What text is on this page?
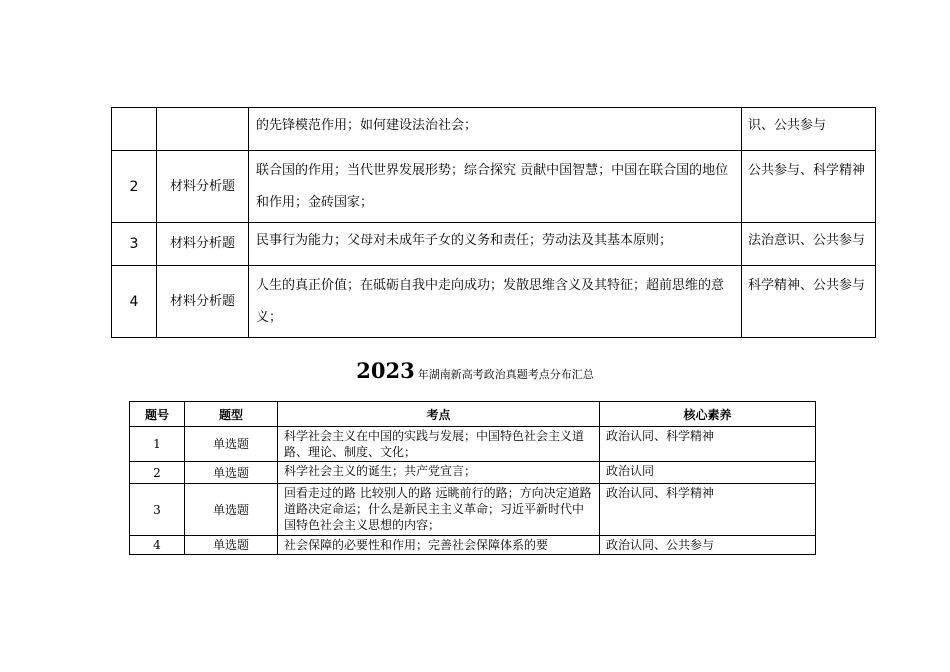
		的先锋模范作用；如何建设法治社会；	识、公共参与
2	材料分析题	联合国的作用；当代世界发展形势；综合探究 贡献中国智慧；中国在联合国的地位和作用；金砖国家；	公共参与、科学精神
3	材料分析题	民事行为能力；父母对未成年子女的义务和责任；劳动法及其基本原则；	法治意识、公共参与
4	材料分析题	人生的真正价值；在砥砺自我中走向成功；发散思维含义及其特征；超前思维的意义；	科学精神、公共参与
2023 年湖南新高考政治真题考点分布汇总
题号	题型	考点	核心素养
1	单选题	科学社会主义在中国的实践与发展；中国特色社会主义道路、理论、制度、文化；	政治认同、科学精神
2	单选题	科学社会主义的诞生；共产党宣言；	政治认同
3	单选题	回看走过的路 比较别人的路 远眺前行的路；方向决定道路 道路决定命运；什么是新民主主义革命；习近平新时代中国特色社会主义思想的内容；	政治认同、科学精神
4	单选题	社会保障的必要性和作用；完善社会保障体系的要	政治认同、公共参与
